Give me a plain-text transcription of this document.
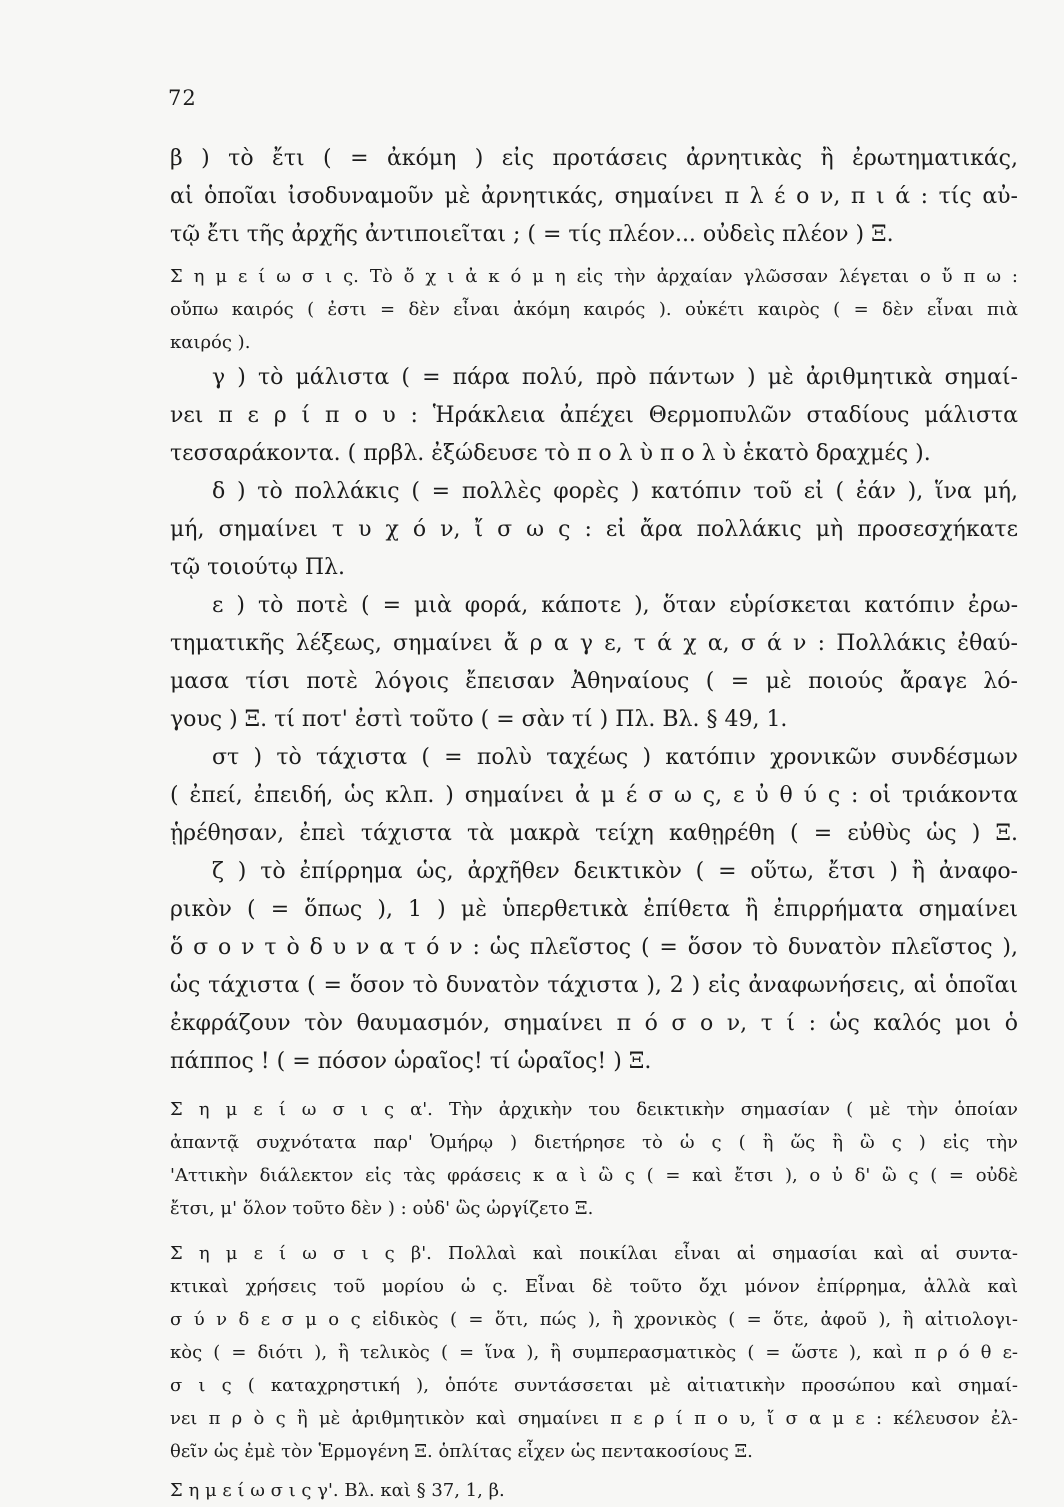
72
β ) τὸ ἔτι ( = ἀκόμη ) εἰς προτάσεις ἀρνητικὰς ἢ ἐρωτηματικάς,
αἱ ὁποῖαι ἰσοδυναμοῦν μὲ ἀρνητικάς, σημαίνει π λ έ ο ν, π ι ά : τίς αὐ-
τῷ ἔτι τῆς ἀρχῆς ἀντιποιεῖται ; ( = τίς πλέον... οὐδεὶς πλέον ) Ξ.
Σ η μ ε ί ω σ ι ς. Τὸ ὄ χ ι ἀ κ ό μ η εἰς τὴν ἀρχαίαν γλῶσσαν λέγεται ο ὔ π ω :
οὔπω καιρός ( ἐστι = δὲν εἶναι ἀκόμη καιρός ). οὐκέτι καιρὸς ( = δὲν εἶναι πιὰ
καιρός ).
γ ) τὸ μάλιστα ( = πάρα πολύ, πρὸ πάντων ) μὲ ἀριθμητικὰ σημαί-
νει π ε ρ ί π ο υ : Ἡράκλεια ἀπέχει Θερμοπυλῶν σταδίους μάλιστα
τεσσαράκοντα. ( πρβλ. ἐξώδευσε τὸ π ο λ ὺ π ο λ ὺ ἑκατὸ δραχμές ).
δ ) τὸ πολλάκις ( = πολλὲς φορὲς ) κατόπιν τοῦ εἰ ( ἐάν ), ἵνα μή,
μή, σημαίνει τ υ χ ό ν, ἴ σ ω ς : εἰ ἄρα πολλάκις μὴ προσεσχήκατε
τῷ τοιούτῳ Πλ.
ε ) τὸ ποτὲ ( = μιὰ φορά, κάποτε ), ὅταν εὑρίσκεται κατόπιν ἐρω-
τηματικῆς λέξεως, σημαίνει ἄ ρ α γ ε, τ ά χ α, σ ά ν : Πολλάκις ἐθαύ-
μασα τίσι ποτὲ λόγοις ἔπεισαν Ἀθηναίους ( = μὲ ποιούς ἄραγε λό-
γους ) Ξ. τί ποτ' ἐστὶ τοῦτο ( = σὰν τί ) Πλ. Βλ. § 49, 1.
στ ) τὸ τάχιστα ( = πολὺ ταχέως ) κατόπιν χρονικῶν συνδέσμων
( ἐπεί, ἐπειδή, ὡς κλπ. ) σημαίνει ἀ μ έ σ ω ς, ε ὐ θ ύ ς : οἱ τριάκοντα
ᾑρέθησαν, ἐπεὶ τάχιστα τὰ μακρὰ τείχη καθῃρέθη ( = εὐθὺς ὡς ) Ξ.
ζ ) τὸ ἐπίρρημα ὡς, ἀρχῆθεν δεικτικὸν ( = οὕτω, ἔτσι ) ἢ ἀναφο-
ρικὸν ( = ὅπως ), 1 ) μὲ ὑπερθετικὰ ἐπίθετα ἢ ἐπιρρήματα σημαίνει
ὅ σ ο ν τ ὸ δ υ ν α τ ό ν : ὡς πλεῖστος ( = ὅσον τὸ δυνατὸν πλεῖστος ),
ὡς τάχιστα ( = ὅσον τὸ δυνατὸν τάχιστα ), 2 ) εἰς ἀναφωνήσεις, αἱ ὁποῖαι
ἐκφράζουν τὸν θαυμασμόν, σημαίνει π ό σ ο ν, τ ί : ὡς καλός μοι ὁ
πάππος ! ( = πόσον ὡραῖος! τί ὡραῖος! ) Ξ.
Σ η μ ε ί ω σ ι ς α'. Τὴν ἀρχικὴν του δεικτικὴν σημασίαν ( μὲ τὴν ὁποίαν
ἀπαντᾷ συχνότατα παρ' Ὁμήρῳ ) διετήρησε τὸ ὡ ς ( ἢ ὥς ἢ ὣ ς ) εἰς τὴν
'Αττικὴν διάλεκτον εἰς τὰς φράσεις κ α ὶ ὣ ς ( = καὶ ἔτσι ), ο ὐ δ' ὣ ς ( = οὐδὲ
ἔτσι, μ' ὅλον τοῦτο δὲν ) : οὐδ' ὣς ὠργίζετο Ξ.
Σ η μ ε ί ω σ ι ς β'. Πολλαὶ καὶ ποικίλαι εἶναι αἱ σημασίαι καὶ αἱ συντα-
κτικαὶ χρήσεις τοῦ μορίου ὡ ς. Εἶναι δὲ τοῦτο ὄχι μόνον ἐπίρρημα, ἀλλὰ καὶ
σ ύ ν δ ε σ μ ο ς εἰδικὸς ( = ὅτι, πώς ), ἢ χρονικὸς ( = ὅτε, ἀφοῦ ), ἢ αἰτιολογι-
κὸς ( = διότι ), ἢ τελικὸς ( = ἵνα ), ἢ συμπερασματικὸς ( = ὥστε ), καὶ π ρ ό θ ε-
σ ι ς ( καταχρηστική ), ὁπότε συντάσσεται μὲ αἰτιατικὴν προσώπου καὶ σημαί-
νει π ρ ὸ ς ἢ μὲ ἀριθμητικὸν καὶ σημαίνει π ε ρ ί π ο υ, ἴ σ α μ ε : κέλευσον ἐλ-
θεῖν ὡς ἐμὲ τὸν Ἑρμογένη Ξ. ὁπλίτας εἶχεν ὡς πεντακοσίους Ξ.
Σ η μ ε ί ω σ ι ς γ'. Βλ. καὶ § 37, 1, β.
